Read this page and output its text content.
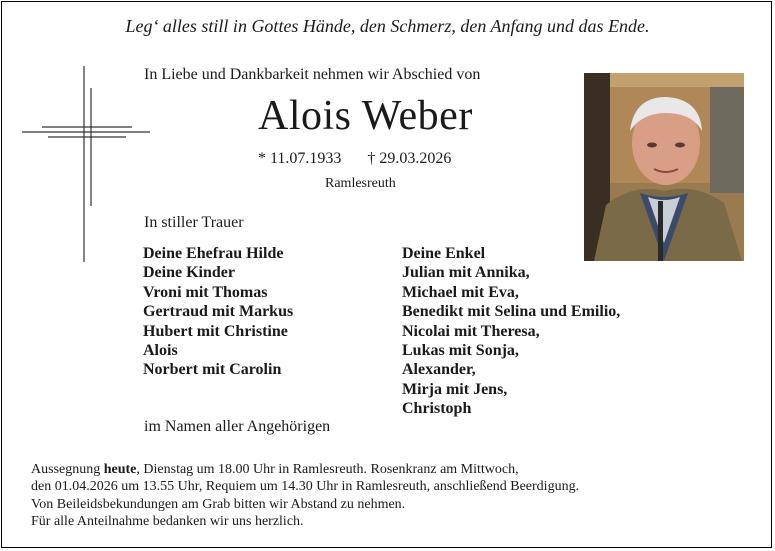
Leg‘ alles still in Gottes Hände, den Schmerz, den Anfang und das Ende.
In Liebe und Dankbarkeit nehmen wir Abschied von
Alois Weber
* 11.07.1933 † 29.03.2026
Ramlesreuth
In stiller Trauer
Deine Ehefrau Hilde
Deine Kinder
Vroni mit Thomas
Gertraud mit Markus
Hubert mit Christine
Alois
Norbert mit Carolin
Deine Enkel
Julian mit Annika,
Michael mit Eva,
Benedikt mit Selina und Emilio,
Nicolai mit Theresa,
Lukas mit Sonja,
Alexander,
Mirja mit Jens,
Christoph
im Namen aller Angehörigen
Aussegnung heute, Dienstag um 18.00 Uhr in Ramlesreuth. Rosenkranz am Mittwoch,
den 01.04.2026 um 13.55 Uhr, Requiem um 14.30 Uhr in Ramlesreuth, anschließend Beerdigung.
Von Beileidsbekundungen am Grab bitten wir Abstand zu nehmen.
Für alle Anteilnahme bedanken wir uns herzlich.
